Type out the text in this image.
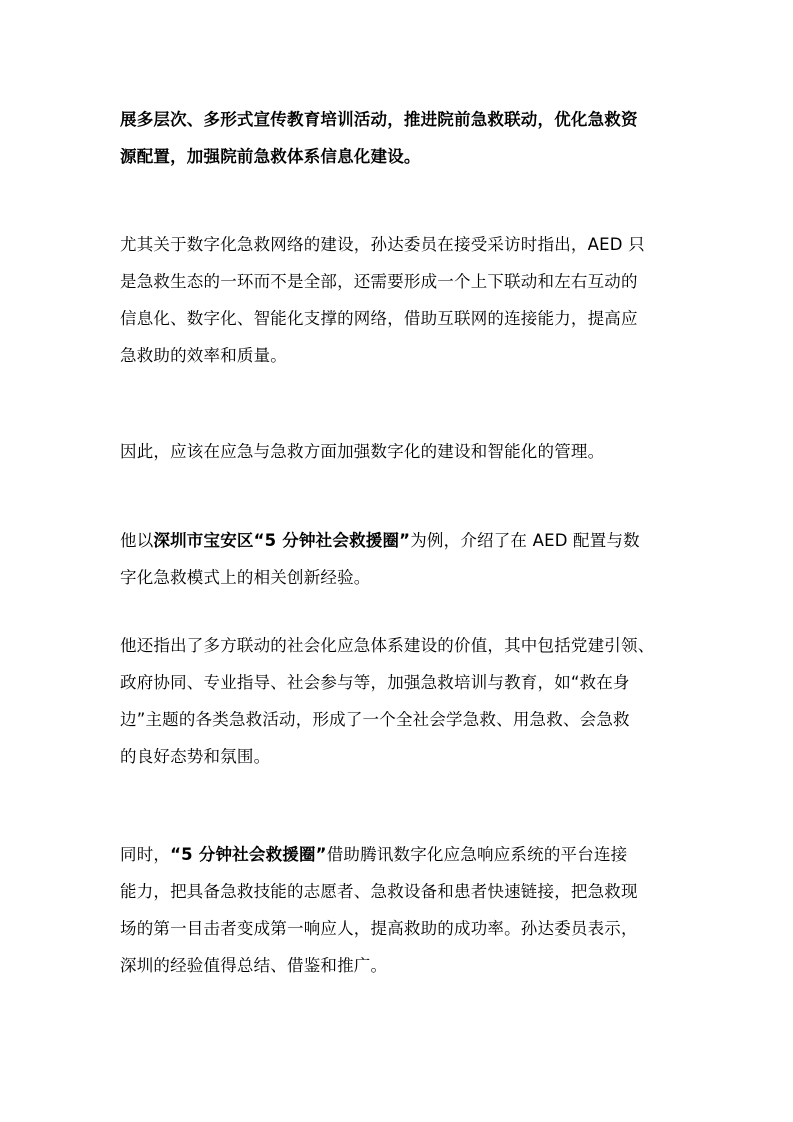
展多层次、多形式宣传教育培训活动，推进院前急救联动，优化急救资
源配置，加强院前急救体系信息化建设。

尤其关于数字化急救网络的建设，孙达委员在接受采访时指出，AED 只
是急救生态的一环而不是全部，还需要形成一个上下联动和左右互动的
信息化、数字化、智能化支撑的网络，借助互联网的连接能力，提高应
急救助的效率和质量。

因此，应该在应急与急救方面加强数字化的建设和智能化的管理。

他以深圳市宝安区“5 分钟社会救援圈”为例，介绍了在 AED 配置与数
字化急救模式上的相关创新经验。

他还指出了多方联动的社会化应急体系建设的价值，其中包括党建引领、
政府协同、专业指导、社会参与等，加强急救培训与教育，如“救在身
边”主题的各类急救活动，形成了一个全社会学急救、用急救、会急救
的良好态势和氛围。

同时，“5 分钟社会救援圈”借助腾讯数字化应急响应系统的平台连接
能力，把具备急救技能的志愿者、急救设备和患者快速链接，把急救现
场的第一目击者变成第一响应人，提高救助的成功率。孙达委员表示，
深圳的经验值得总结、借鉴和推广。
